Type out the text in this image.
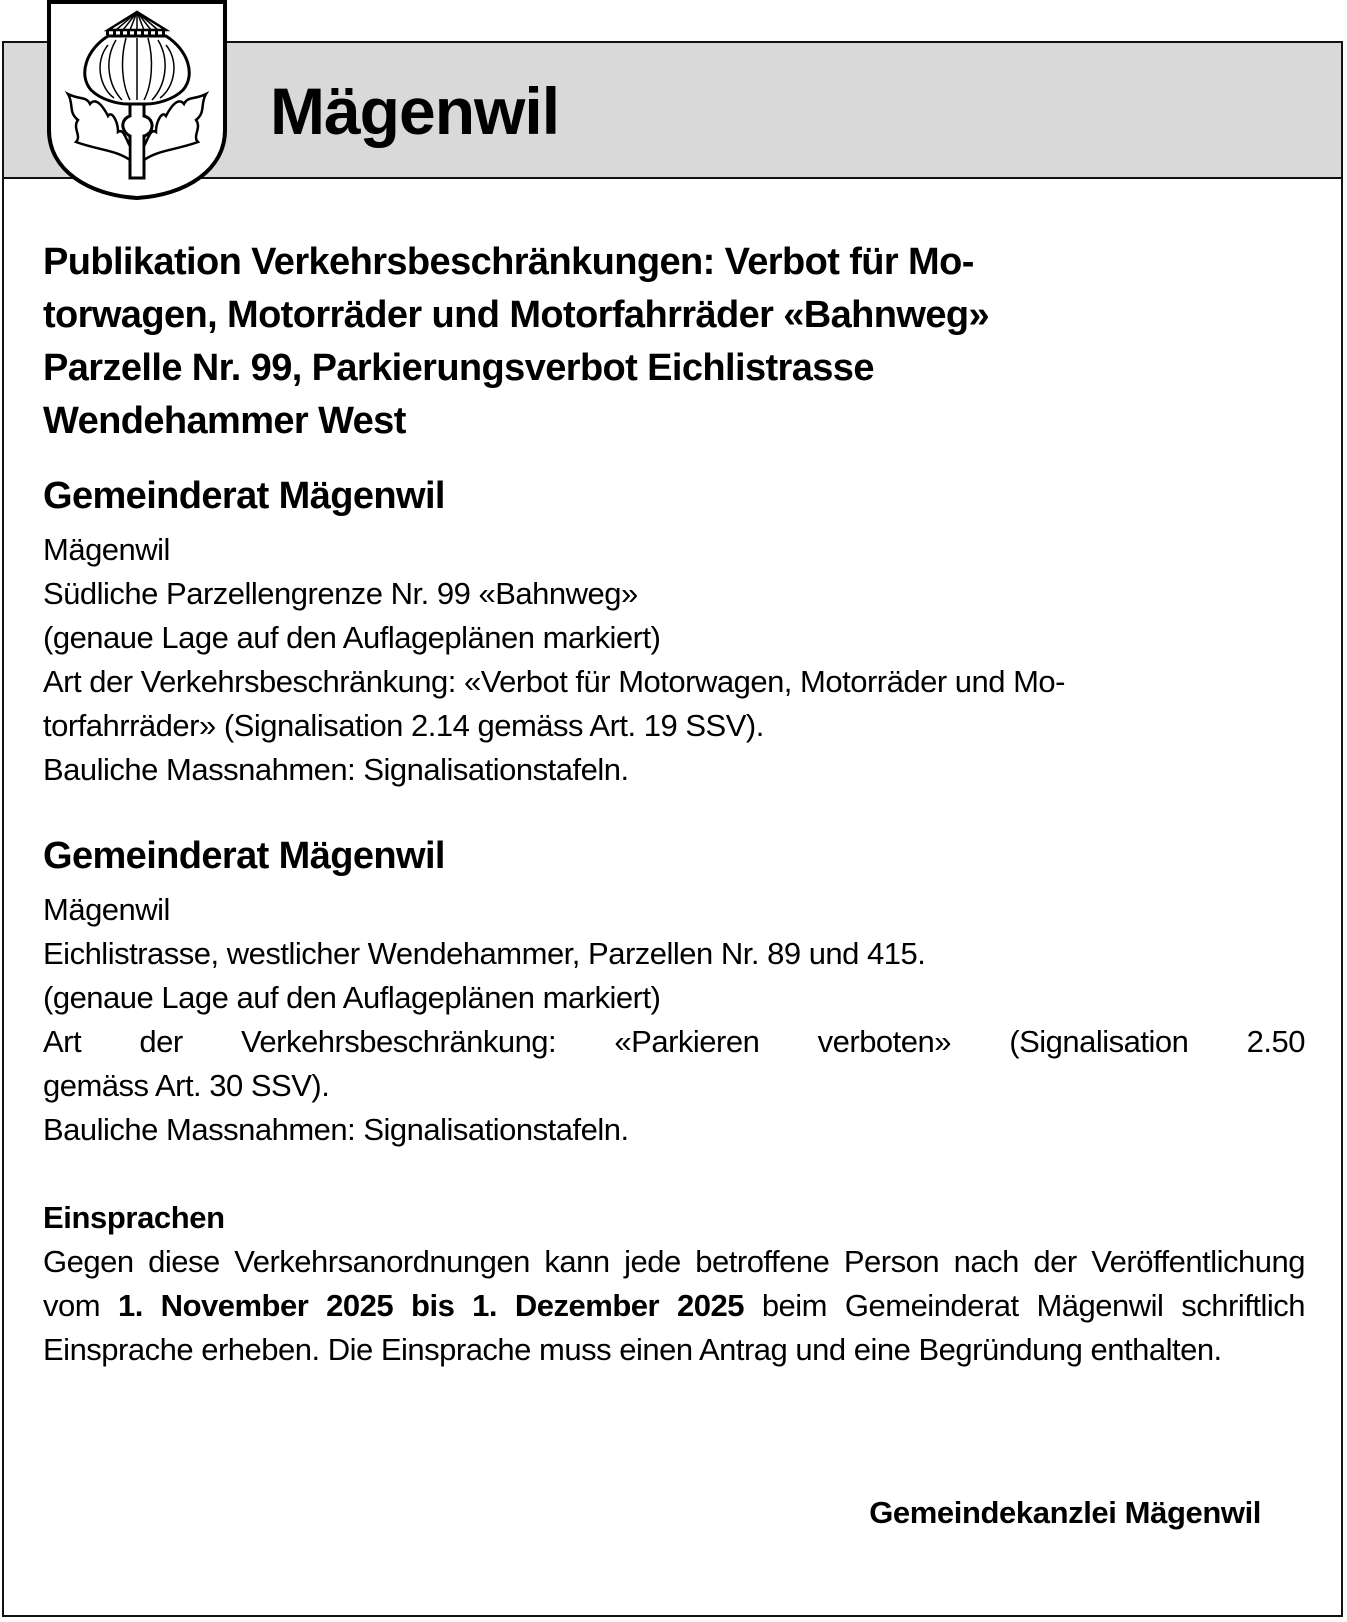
Mägenwil
Publikation Verkehrsbeschränkungen: Verbot für Mo-
torwagen, Motorräder und Motorfahrräder «Bahnweg»
Parzelle Nr. 99, Parkierungsverbot Eichlistrasse
Wendehammer West
Gemeinderat Mägenwil
Mägenwil
Südliche Parzellengrenze Nr. 99 «Bahnweg»
(genaue Lage auf den Auflageplänen markiert)
Art der Verkehrsbeschränkung: «Verbot für Motorwagen, Motorräder und Mo-
torfahrräder» (Signalisation 2.14 gemäss Art. 19 SSV).
Bauliche Massnahmen: Signalisationstafeln.
Gemeinderat Mägenwil
Mägenwil
Eichlistrasse, westlicher Wendehammer, Parzellen Nr. 89 und 415.
(genaue Lage auf den Auflageplänen markiert)
Art der Verkehrsbeschränkung: «Parkieren verboten» (Signalisation 2.50
gemäss Art. 30 SSV).
Bauliche Massnahmen: Signalisationstafeln.
Einsprachen
Gegen diese Verkehrsanordnungen kann jede betroffene Person nach der Veröffentlichung vom 1. November 2025 bis 1. Dezember 2025 beim Gemeinderat Mägenwil schriftlich Einsprache erheben. Die Einsprache muss einen Antrag und eine Begründung enthalten.
Gemeindekanzlei Mägenwil
